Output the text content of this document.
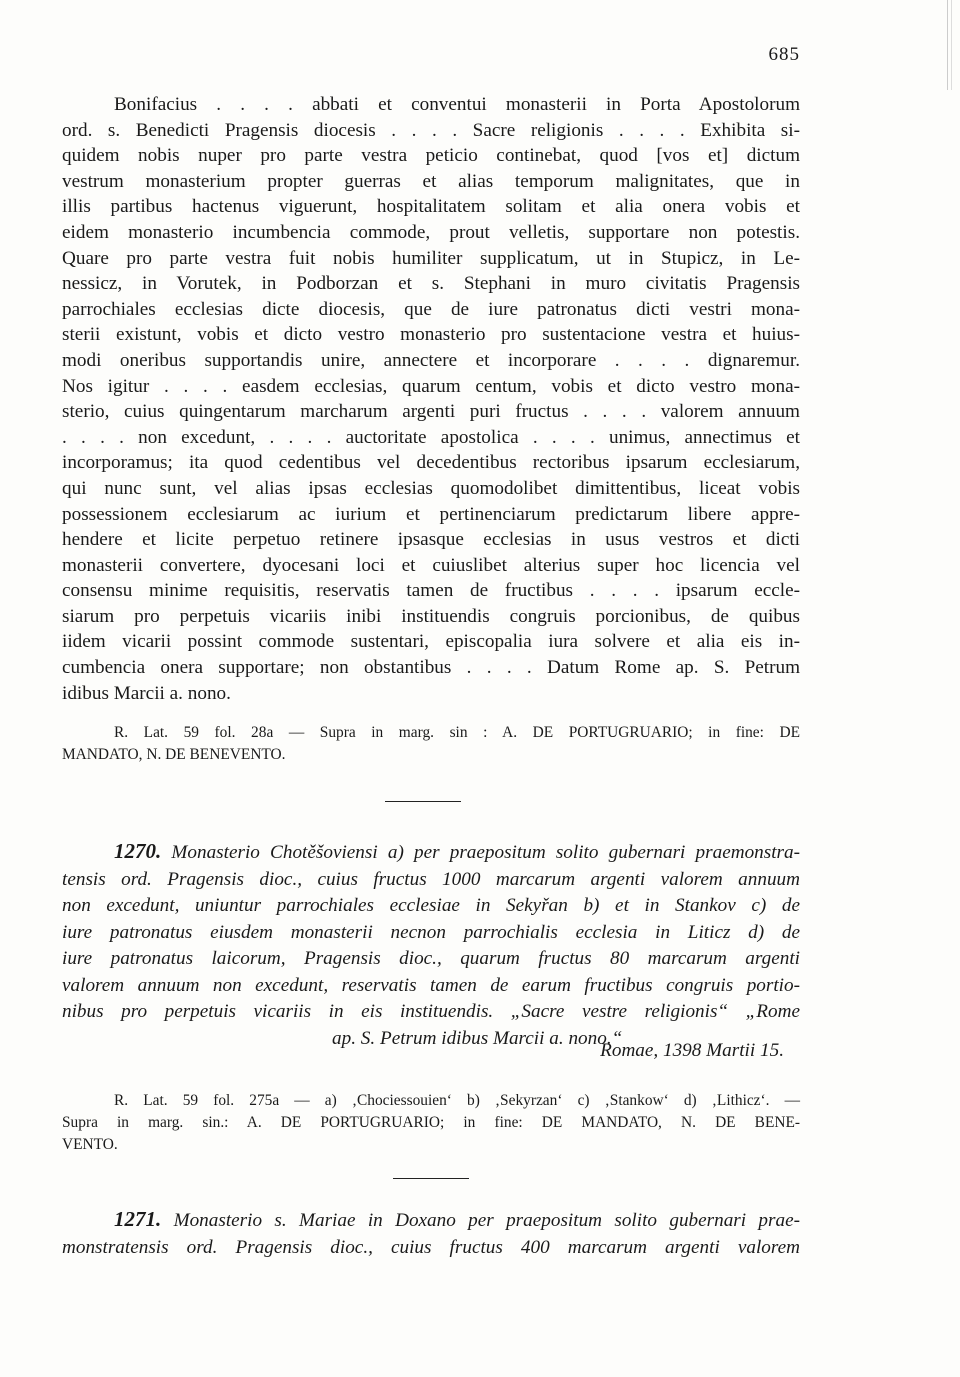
685
Bonifacius . . . . abbati et conventui monasterii in Porta Apostolorum
ord. s. Benedicti Pragensis diocesis . . . . Sacre religionis . . . . Exhibita si-
quidem nobis nuper pro parte vestra peticio continebat, quod [vos et] dictum
vestrum monasterium propter guerras et alias temporum malignitates, que in
illis partibus hactenus viguerunt, hospitalitatem solitam et alia onera vobis et
eidem monasterio incumbencia commode, prout velletis, supportare non potestis.
Quare pro parte vestra fuit nobis humiliter supplicatum, ut in Stupicz, in Le-
nessicz, in Vorutek, in Podborzan et s. Stephani in muro civitatis Pragensis
parrochiales ecclesias dicte diocesis, que de iure patronatus dicti vestri mona-
sterii existunt, vobis et dicto vestro monasterio pro sustentacione vestra et huius-
modi oneribus supportandis unire, annectere et incorporare . . . . dignaremur.
Nos igitur . . . . easdem ecclesias, quarum centum, vobis et dicto vestro mona-
sterio, cuius quingentarum marcharum argenti puri fructus . . . . valorem annuum
. . . . non excedunt, . . . . auctoritate apostolica . . . . unimus, annectimus et
incorporamus; ita quod cedentibus vel decedentibus rectoribus ipsarum ecclesiarum,
qui nunc sunt, vel alias ipsas ecclesias quomodolibet dimittentibus, liceat vobis
possessionem ecclesiarum ac iurium et pertinenciarum predictarum libere appre-
hendere et licite perpetuo retinere ipsasque ecclesias in usus vestros et dicti
monasterii convertere, dyocesani loci et cuiuslibet alterius super hoc licencia vel
consensu minime requisitis, reservatis tamen de fructibus . . . . ipsarum eccle-
siarum pro perpetuis vicariis inibi instituendis congruis porcionibus, de quibus
iidem vicarii possint commode sustentari, episcopalia iura solvere et alia eis in-
cumbencia onera supportare; non obstantibus . . . . Datum Rome ap. S. Petrum
idibus Marcii a. nono.
R. Lat. 59 fol. 28a — Supra in marg. sin : A. DE PORTUGRUARIO; in fine: DE
MANDATO, N. DE BENEVENTO.
1270. Monasterio Chotěšoviensi a) per praepositum solito gubernari praemonstra-
tensis ord. Pragensis dioc., cuius fructus 1000 marcarum argenti valorem annuum
non excedunt, uniuntur parrochiales ecclesiae in Sekyřan b) et in Stankov c) de
iure patronatus eiusdem monasterii necnon parrochialis ecclesia in Liticz d) de
iure patronatus laicorum, Pragensis dioc., quarum fructus 80 marcarum argenti
valorem annuum non excedunt, reservatis tamen de earum fructibus congruis portio-
nibus pro perpetuis vicariis in eis instituendis. „Sacre vestre religionis“ „Rome
ap. S. Petrum idibus Marcii a. nono.“
Romae, 1398 Martii 15.
R. Lat. 59 fol. 275a — a) ‚Chociessouien‘ b) ‚Sekyrzan‘ c) ‚Stankow‘ d) ‚Lithicz‘. —
Supra in marg. sin.: A. DE PORTUGRUARIO; in fine: DE MANDATO, N. DE BENE-
VENTO.
1271. Monasterio s. Mariae in Doxano per praepositum solito gubernari prae-
monstratensis ord. Pragensis dioc., cuius fructus 400 marcarum argenti valorem
